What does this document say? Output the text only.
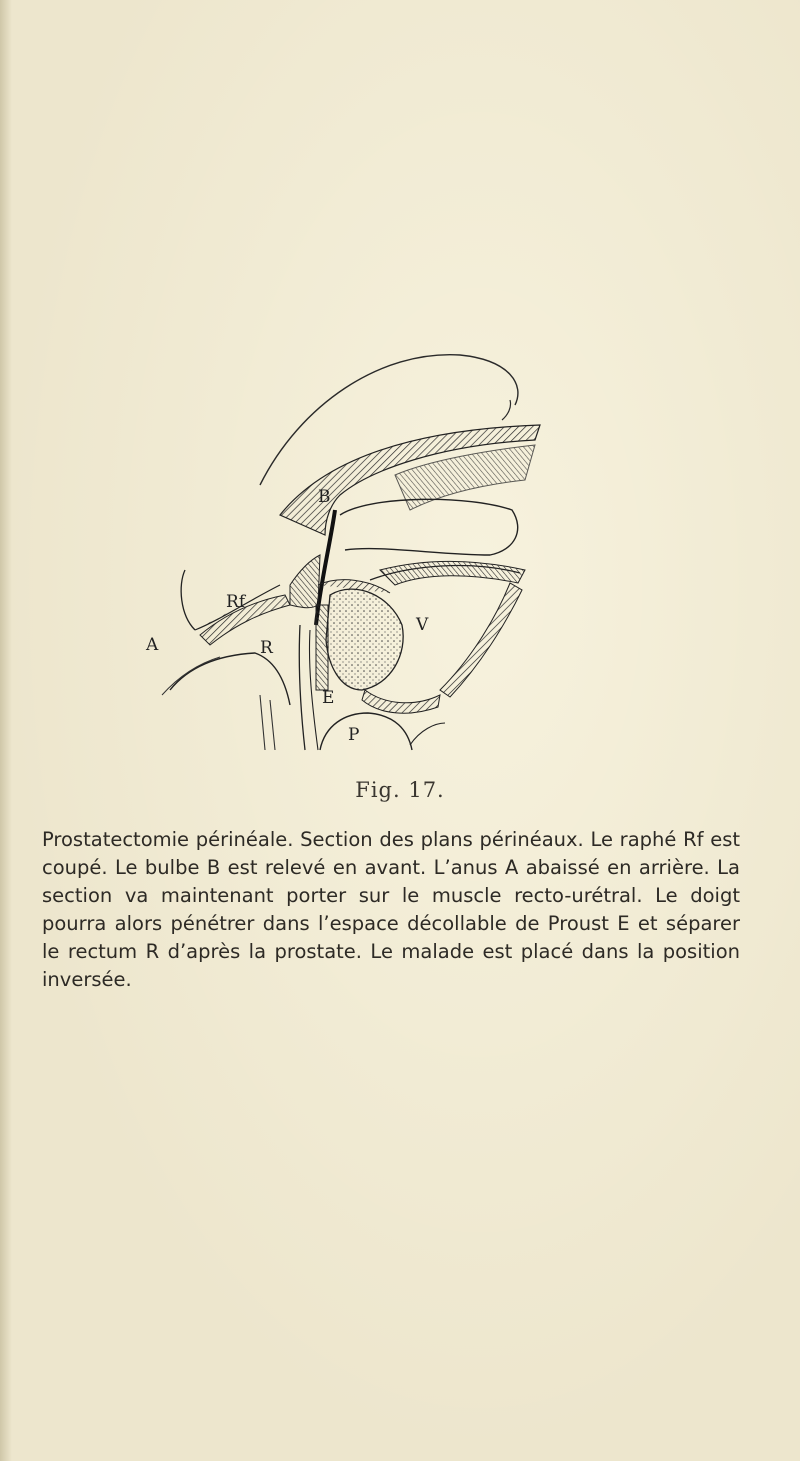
Rf
A	R
B
V
E
P
Fig. 17.
Prostatectomie périnéale. Section des plans périnéaux. Le raphé Rf est coupé. Le bulbe B est relevé en avant. L’anus A abaissé en arrière. La section va maintenant porter sur le muscle recto-urétral. Le doigt pourra alors pénétrer dans l’espace décollable de Proust E et séparer le rectum R d’après la prostate. Le malade est placé dans la position inversée.
